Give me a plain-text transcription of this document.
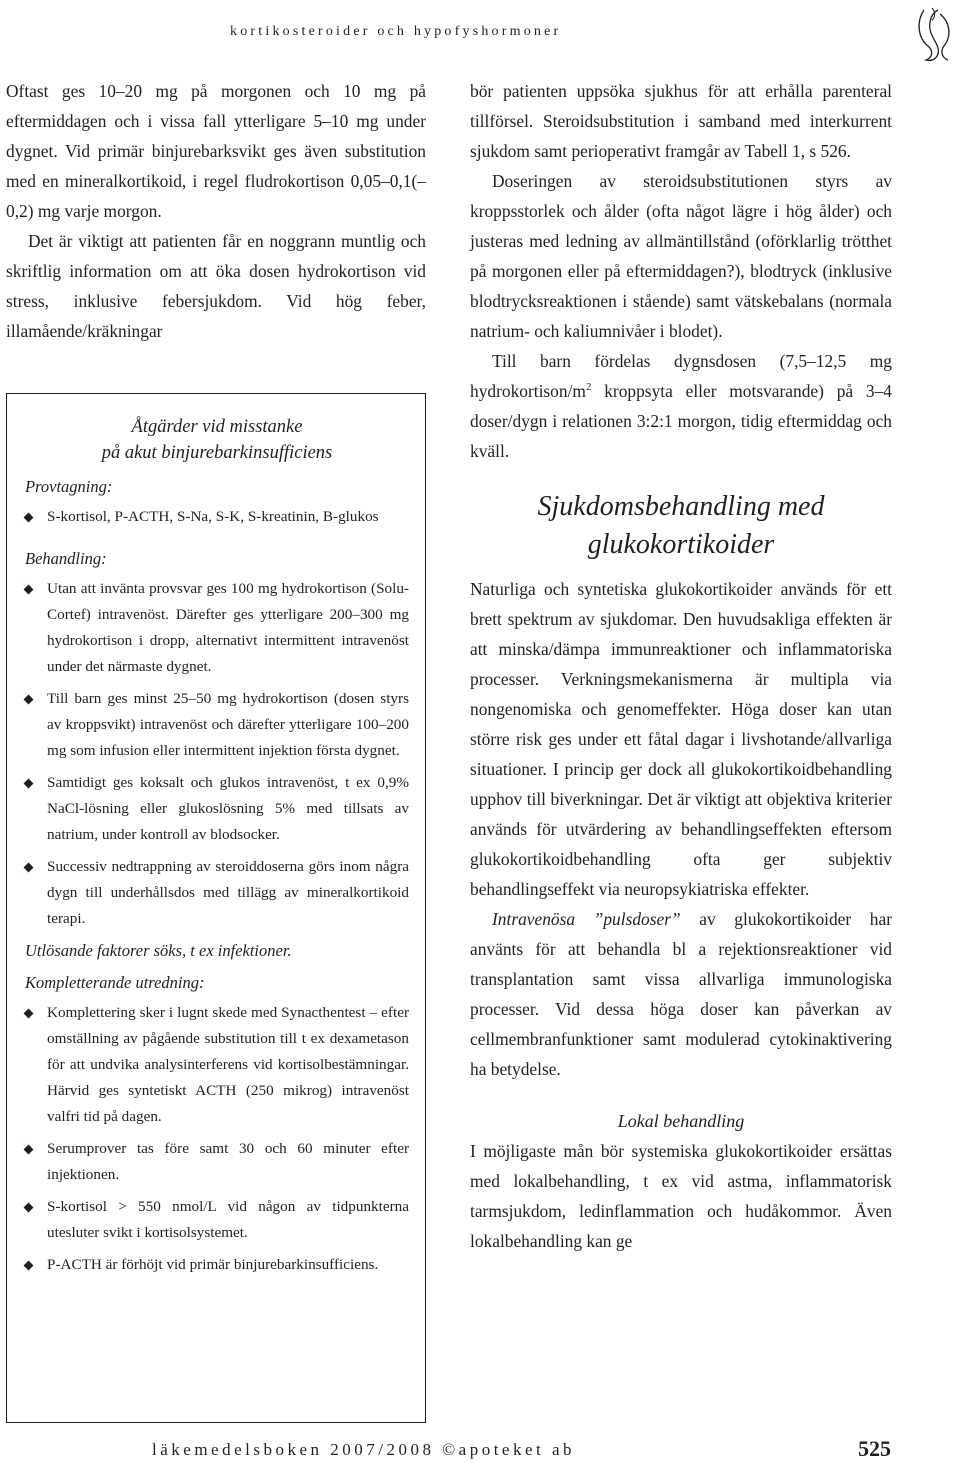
kortikosteroider och hypofyshormoner

Oftast ges 10–20 mg på morgonen och 10 mg på eftermiddagen och i vissa fall ytterligare 5–10 mg under dygnet. Vid primär binjurebarksvikt ges även substitution med en mineralkortikoid, i regel fludrokortison 0,05–0,1(–0,2) mg varje morgon.

Det är viktigt att patienten får en noggrann muntlig och skriftlig information om att öka dosen hydrokortison vid stress, inklusive febersjukdom. Vid hög feber, illamående/kräkningar

Åtgärder vid misstanke
på akut binjurebarkinsufficiens
Provtagning:
S-kortisol, P-ACTH, S-Na, S-K, S-kreatinin, B-glukos
Behandling:
Utan att invänta provsvar ges 100 mg hydrokortison (Solu-Cortef) intravenöst. Därefter ges ytterligare 200–300 mg hydrokortison i dropp, alternativt intermittent intravenöst under det närmaste dygnet.
Till barn ges minst 25–50 mg hydrokortison (dosen styrs av kroppsvikt) intravenöst och därefter ytterligare 100–200 mg som infusion eller intermittent injektion första dygnet.
Samtidigt ges koksalt och glukos intravenöst, t ex 0,9% NaCl-lösning eller glukoslösning 5% med tillsats av natrium, under kontroll av blodsocker.
Successiv nedtrappning av steroiddoserna görs inom några dygn till underhållsdos med tillägg av mineralkortikoid terapi.
Utlösande faktorer söks, t ex infektioner.
Kompletterande utredning:
Komplettering sker i lugnt skede med Synacthentest – efter omställning av pågående substitution till t ex dexametason för att undvika analysinterferens vid kortisolbestämningar. Härvid ges syntetiskt ACTH (250 mikrog) intravenöst valfri tid på dagen.
Serumprover tas före samt 30 och 60 minuter efter injektionen.
S-kortisol > 550 nmol/L vid någon av tidpunkterna utesluter svikt i kortisolsystemet.
P-ACTH är förhöjt vid primär binjurebarkinsufficiens.

bör patienten uppsöka sjukhus för att erhålla parenteral tillförsel. Steroidsubstitution i samband med interkurrent sjukdom samt perioperativt framgår av Tabell 1, s 526.

Doseringen av steroidsubstitutionen styrs av kroppsstorlek och ålder (ofta något lägre i hög ålder) och justeras med ledning av allmäntillstånd (oförklarlig trötthet på morgonen eller på eftermiddagen?), blodtryck (inklusive blodtrycksreaktionen i stående) samt vätskebalans (normala natrium- och kaliumnivåer i blodet).

Till barn fördelas dygnsdosen (7,5–12,5 mg hydrokortison/$m^2$ kroppsyta eller motsvarande) på 3–4 doser/dygn i relationen 3:2:1 morgon, tidig eftermiddag och kväll.

Sjukdomsbehandling med
glukokortikoider

Naturliga och syntetiska glukokortikoider används för ett brett spektrum av sjukdomar. Den huvudsakliga effekten är att minska/dämpa immunreaktioner och inflammatoriska processer. Verkningsmekanismerna är multipla via nongenomiska och genomeffekter. Höga doser kan utan större risk ges under ett fåtal dagar i livshotande/allvarliga situationer. I princip ger dock all glukokortikoidbehandling upphov till biverkningar. Det är viktigt att objektiva kriterier används för utvärdering av behandlingseffekten eftersom glukokortikoidbehandling ofta ger subjektiv behandlingseffekt via neuropsykiatriska effekter.

Intravenösa ”pulsdoser” av glukokortikoider har använts för att behandla bl a rejektionsreaktioner vid transplantation samt vissa allvarliga immunologiska processer. Vid dessa höga doser kan påverkan av cellmembranfunktioner samt modulerad cytokinaktivering ha betydelse.

Lokal behandling

I möjligaste mån bör systemiska glukokortikoider ersättas med lokalbehandling, t ex vid astma, inflammatorisk tarmsjukdom, ledinflammation och hudåkommor. Även lokalbehandling kan ge

läkemedelsboken 2007/2008 ©apoteket ab	525
